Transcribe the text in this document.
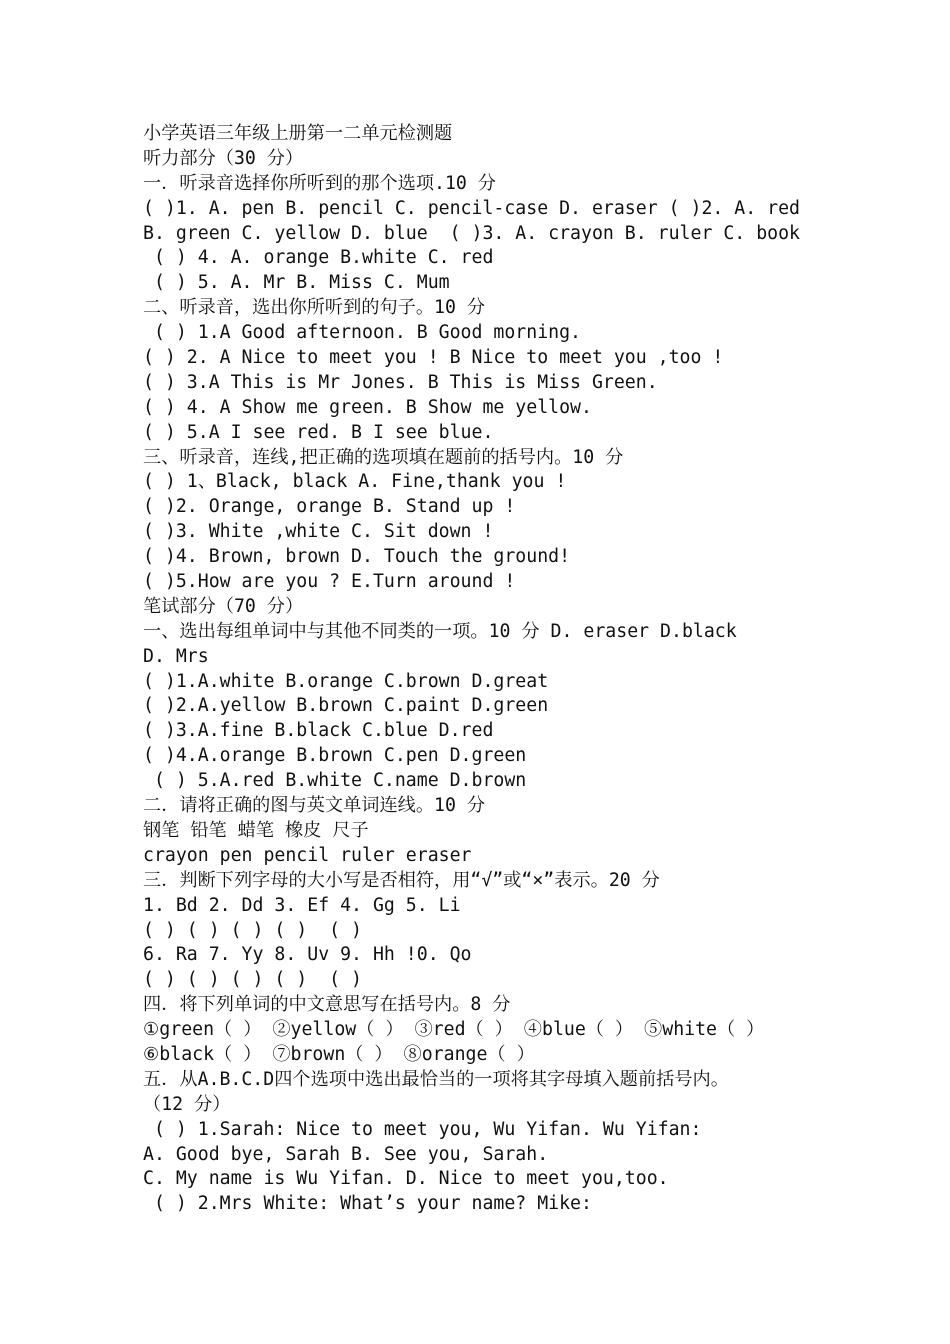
小学英语三年级上册第一二单元检测题
听力部分（30 分）
一．听录音选择你所听到的那个选项.10 分
( )1. A. pen B. pencil C. pencil-case D. eraser ( )2. A. red
B. green C. yellow D. blue  ( )3. A. crayon B. ruler C. book
( ) 4. A. orange B.white C. red
( ) 5. A. Mr B. Miss C. Mum
二、听录音，选出你所听到的句子。10 分
( ) 1.A Good afternoon. B Good morning.
( ) 2. A Nice to meet you ! B Nice to meet you ,too !
( ) 3.A This is Mr Jones. B This is Miss Green.
( ) 4. A Show me green. B Show me yellow.
( ) 5.A I see red. B I see blue.
三、听录音，连线,把正确的选项填在题前的括号内。10 分
( ) 1、Black, black A. Fine,thank you !
( )2. Orange, orange B. Stand up !
( )3. White ,white C. Sit down !
( )4. Brown, brown D. Touch the ground!
( )5.How are you ? E.Turn around !
笔试部分（70 分）
一、选出每组单词中与其他不同类的一项。10 分 D. eraser D.black
D. Mrs
( )1.A.white B.orange C.brown D.great
( )2.A.yellow B.brown C.paint D.green
( )3.A.fine B.black C.blue D.red
( )4.A.orange B.brown C.pen D.green
( ) 5.A.red B.white C.name D.brown
二．请将正确的图与英文单词连线。10 分
钢笔 铅笔 蜡笔 橡皮 尺子
crayon pen pencil ruler eraser
三．判断下列字母的大小写是否相符，用“√”或“×”表示。20 分
1. Bd 2. Dd 3. Ef 4. Gg 5. Li
( ) ( ) ( ) ( )  ( )
6. Ra 7. Yy 8. Uv 9. Hh !0. Qo
( ) ( ) ( ) ( )  ( )
四．将下列单词的中文意思写在括号内。8 分
①green（ ） ②yellow（ ） ③red（ ） ④blue（ ） ⑤white（ ）
⑥black（ ） ⑦brown（ ） ⑧orange（ ）
五．从A.B.C.D四个选项中选出最恰当的一项将其字母填入题前括号内。
（12 分）
( ) 1.Sarah: Nice to meet you, Wu Yifan. Wu Yifan:
A. Good bye, Sarah B. See you, Sarah.
C. My name is Wu Yifan. D. Nice to meet you,too.
( ) 2.Mrs White: What’s your name? Mike:
